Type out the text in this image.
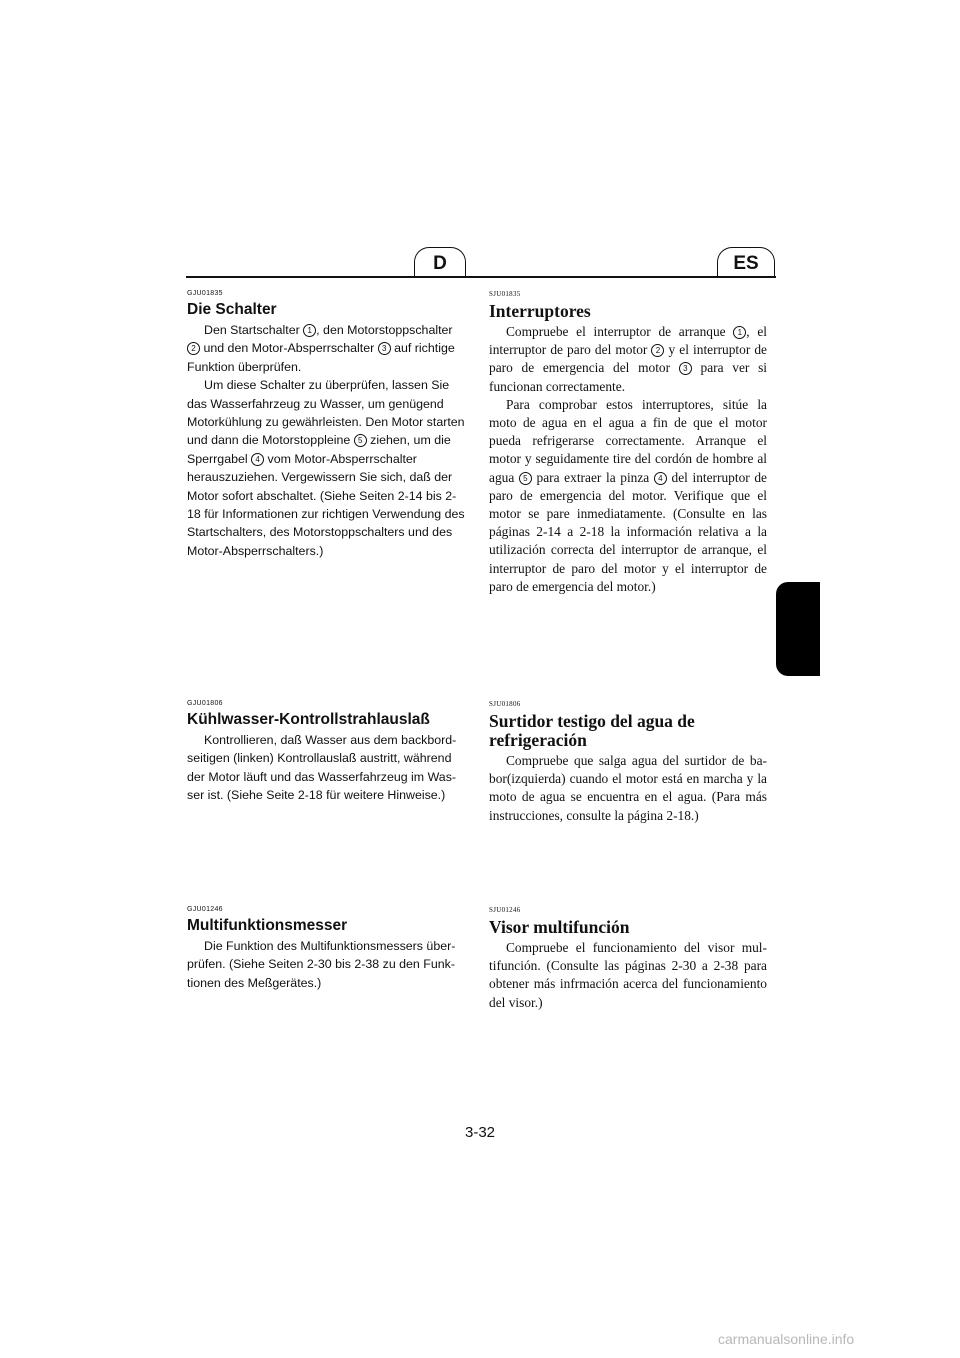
D	ES
GJU01835
Die Schalter

Den Startschalter 1 , den Motorstoppschalter 2 und den Motor-Absperrschalter 3 auf richtige Funktion überprüfen.

Um diese Schalter zu überprüfen, lassen Sie das Wasserfahrzeug zu Wasser, um genügend Motorkühlung zu gewährleisten. Den Motor starten und dann die Motorstoppleine 5 ziehen, um die Sperrgabel 4 vom Motor-Absperrschalter herauszuziehen. Vergewissern Sie sich, daß der Motor sofort abschaltet. (Siehe Seiten 2-14 bis 2-18 für Informationen zur richtigen Verwendung des Startschalters, des Motorstoppschalters und des Motor-Absperrschalters.)

GJU01806
Kühlwasser-Kontrollstrahlauslaß

Kontrollieren, daß Wasser aus dem backbordseitigen (linken) Kontrollauslaß austritt, während der Motor läuft und das Wasserfahrzeug im Wasser ist. (Siehe Seite 2-18 für weitere Hinweise.)

GJU01246
Multifunktionsmesser

Die Funktion des Multifunktionsmessers überprüfen. (Siehe Seiten 2-30 bis 2-38 zu den Funktionen des Meßgerätes.)

SJU01835
Interruptores

Compruebe el interruptor de arranque 1 , el interruptor de paro del motor 2 y el interruptor de paro de emergencia del motor 3 para ver si funcionan correctamente.

Para comprobar estos interruptores, sitúe la moto de agua en el agua a fin de que el motor pueda refrigerarse correctamente. Arranque el motor y seguidamente tire del cordón de hombre al agua 5 para extraer la pinza 4 del interruptor de paro de emergencia del motor. Verifique que el motor se pare inmediatamente. (Consulte en las páginas 2-14 a 2-18 la información relativa a la utilización correcta del interruptor de arranque, el interruptor de paro del motor y el interruptor de paro de emergencia del motor.)

SJU01806
Surtidor testigo del agua de refrigeración

Compruebe que salga agua del surtidor de babor(izquierda) cuando el motor está en marcha y la moto de agua se encuentra en el agua. (Para más instrucciones, consulte la página 2-18.)

SJU01246
Visor multifunción

Compruebe el funcionamiento del visor multifunción. (Consulte las páginas 2-30 a 2-38 para obtener más infrmación acerca del funcionamiento del visor.)

3-32
carmanualsonline.info
